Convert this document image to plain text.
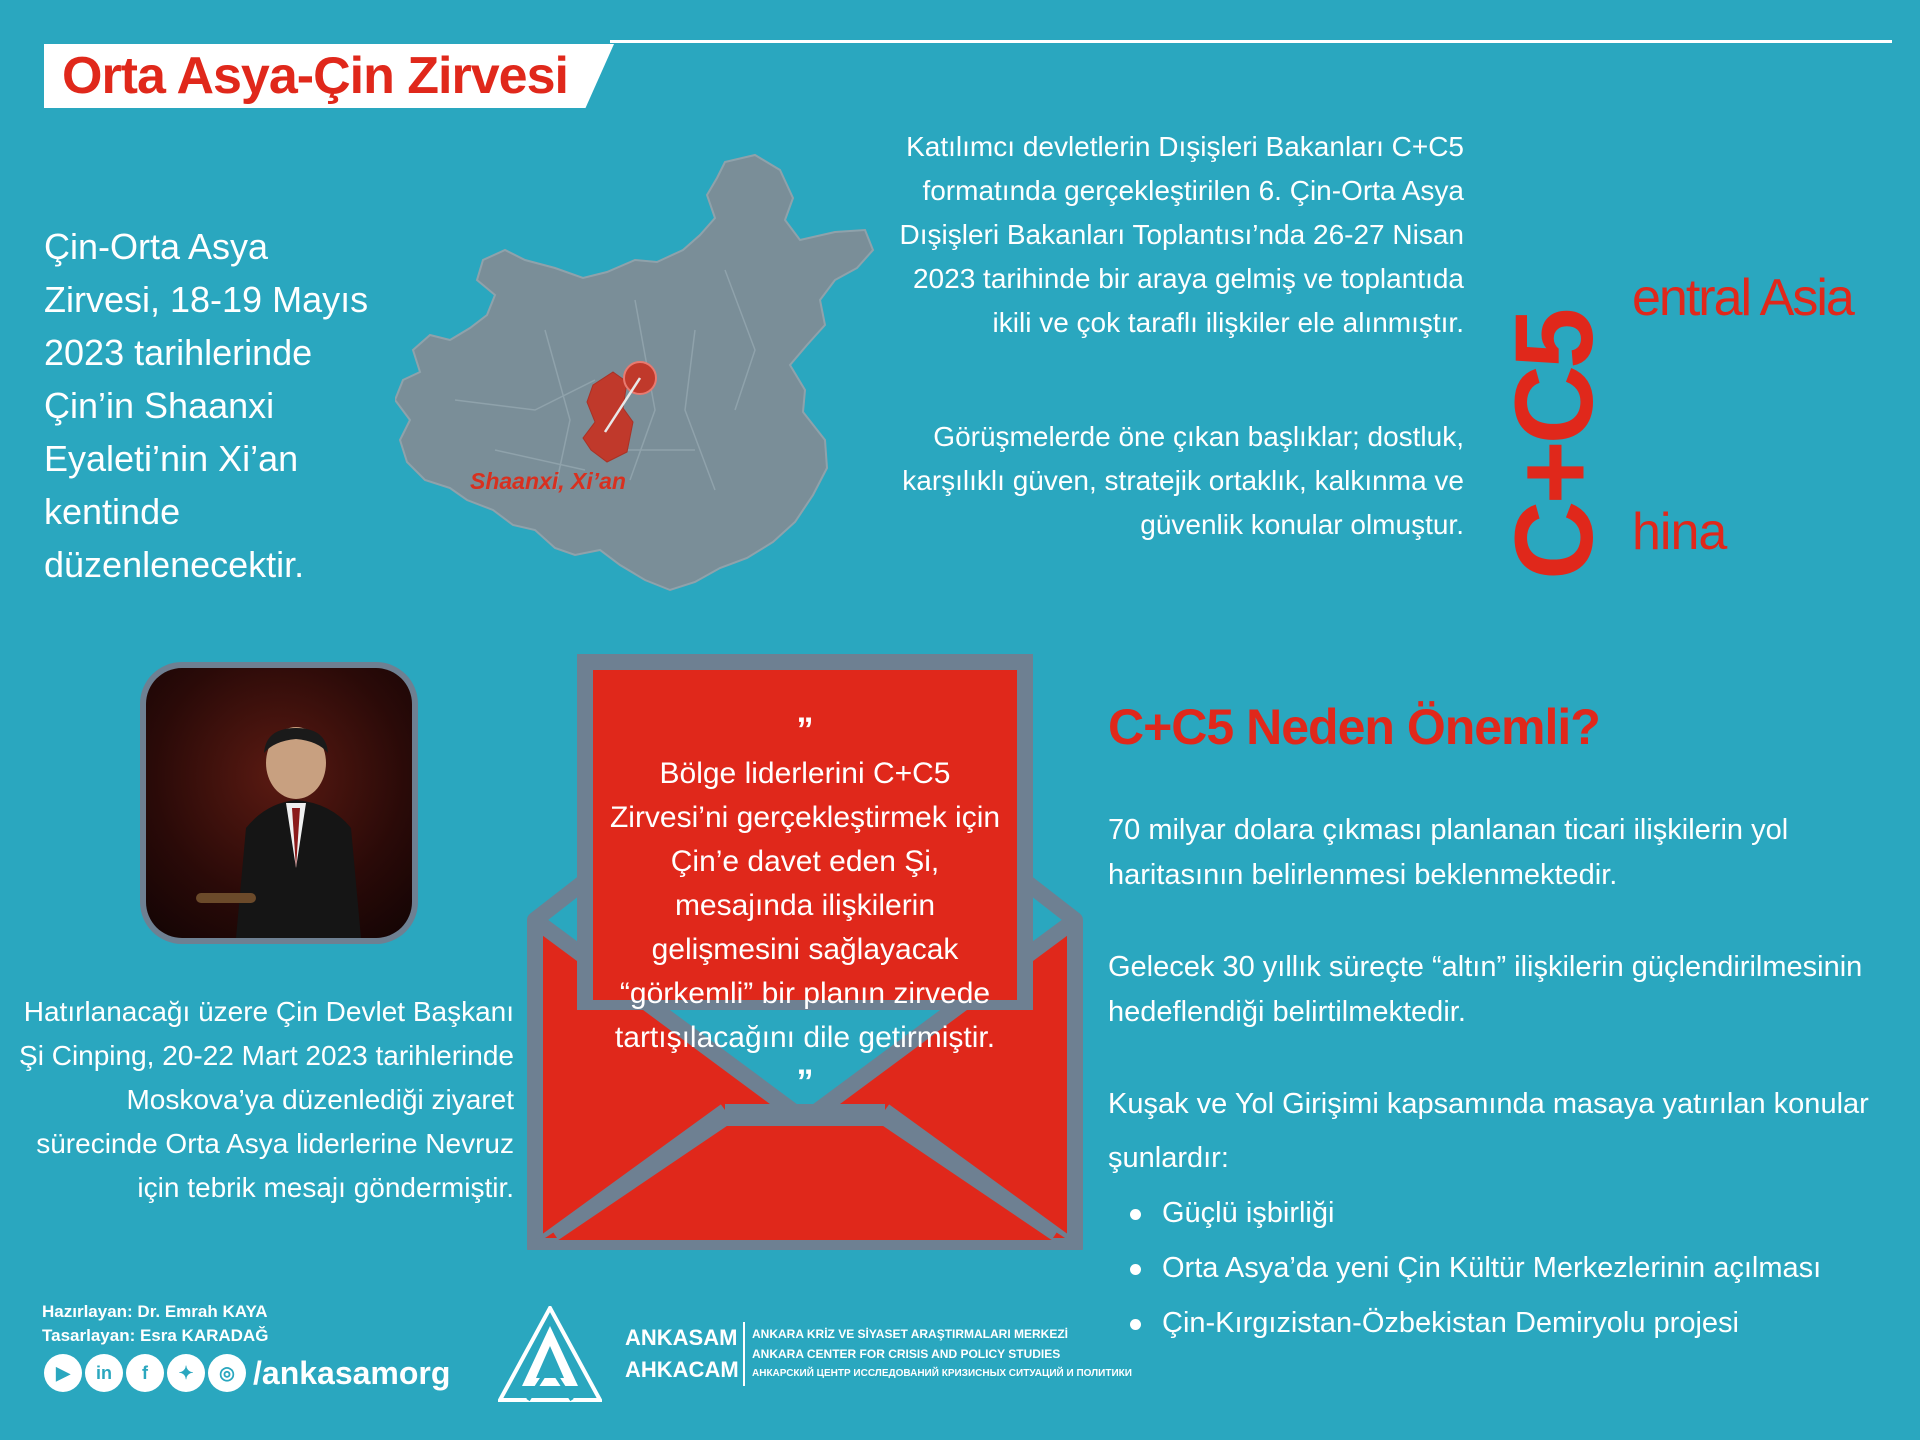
Orta Asya-Çin Zirvesi
Çin-Orta Asya Zirvesi, 18-19 Mayıs 2023 tarihlerinde Çin’in Shaanxi Eyaleti’nin Xi’an kentinde düzenlenecektir.
Shaanxi, Xi’an
Katılımcı devletlerin Dışişleri Bakanları C+C5 formatında gerçekleştirilen 6. Çin-Orta Asya Dışişleri Bakanları Toplantısı’nda 26-27 Nisan 2023 tarihinde bir araya gelmiş ve toplantıda ikili ve çok taraflı ilişkiler ele alınmıştır.
Görüşmelerde öne çıkan başlıklar; dostluk, karşılıklı güven, stratejik ortaklık, kalkınma ve güvenlik konular olmuştur. C+C5
entral Asia
hina
Hatırlanacağı üzere Çin Devlet Başkanı Şi Cinping, 20-22 Mart 2023 tarihlerinde Moskova’ya düzenlediği ziyaret sürecinde Orta Asya liderlerine Nevruz için tebrik mesajı göndermiştir.
”
Bölge liderlerini C+C5 Zirvesi’ni gerçekleştirmek için Çin’e davet eden Şi, mesajında ilişkilerin gelişmesini sağlayacak “görkemli” bir planın zirvede tartışılacağını dile getirmiştir.
”
C+C5 Neden Önemli?
70 milyar dolara çıkması planlanan ticari ilişkilerin yol haritasının belirlenmesi beklenmektedir.
Gelecek 30 yıllık süreçte “altın” ilişkilerin güçlendirilmesinin hedeflendiği belirtilmektedir.
Kuşak ve Yol Girişimi kapsamında masaya yatırılan konular şunlardır:
Güçlü işbirliği
Orta Asya’da yeni Çin Kültür Merkezlerinin açılması
Çin-Kırgızistan-Özbekistan Demiryolu projesi
Hazırlayan: Dr. Emrah KAYA
Tasarlayan: Esra KARADAĞ
▶	in	f	✦	◎ /ankasamorg
ANKASAM
AHKACAM
ANKARA KRİZ VE SİYASET ARAŞTIRMALARI MERKEZİ
ANKARA CENTER FOR CRISIS AND POLICY STUDIES
АНКАРСКИЙ ЦЕНТР ИССЛЕДОВАНИЙ КРИЗИСНЫХ СИТУАЦИЙ И ПОЛИТИКИ
